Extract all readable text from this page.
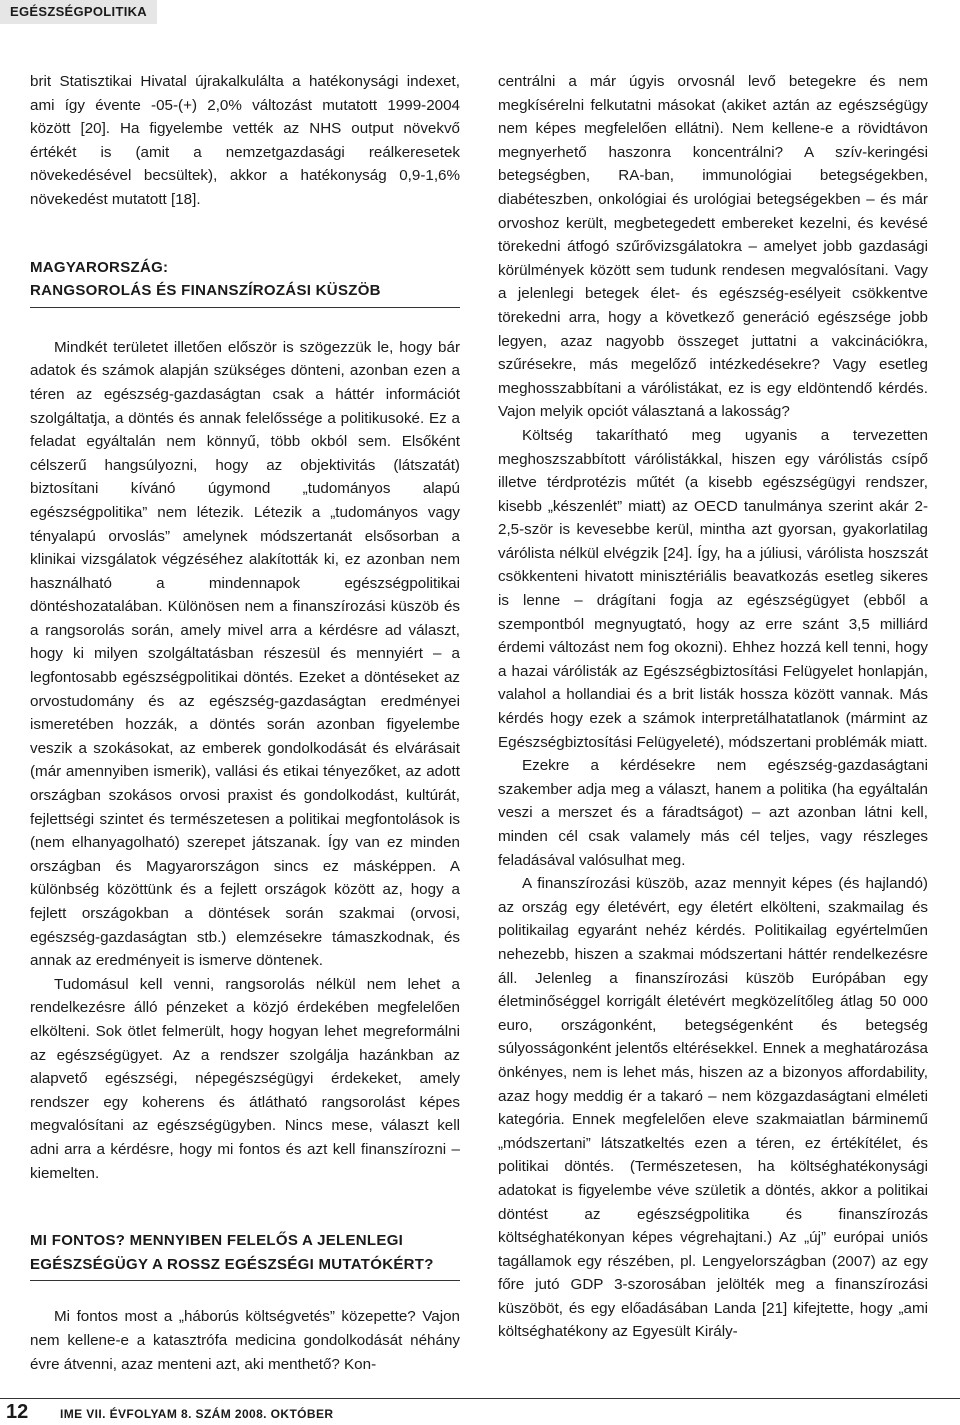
EGÉSZSÉGPOLITIKA

brit Statisztikai Hivatal újrakalkulálta a hatékonysági indexet, ami így évente -05-(+) 2,0% változást mutatott 1999-2004 között [20]. Ha figyelembe vették az NHS output növekvő értékét is (amit a nemzetgazdasági reálkeresetek növekedésével becsültek), akkor a hatékonyság 0,9-1,6% növekedést mutatott [18].

MAGYARORSZÁG:
RANGSOROLÁS ÉS FINANSZÍROZÁSI KÜSZÖB

Mindkét területet illetően először is szögezzük le, hogy bár adatok és számok alapján szükséges dönteni, azonban ezen a téren az egészség-gazdaságtan csak a háttér információt szolgáltatja, a döntés és annak felelőssége a politikusoké. Ez a feladat egyáltalán nem könnyű, több okból sem. Elsőként célszerű hangsúlyozni, hogy az objektivitás (látszatát) biztosítani kívánó úgymond „tudományos alapú egészségpolitika” nem létezik. Létezik a „tudományos vagy tényalapú orvoslás” amelynek módszertanát elsősorban a klinikai vizsgálatok végzéséhez alakították ki, ez azonban nem használható a mindennapok egészségpolitikai döntéshozatalában. Különösen nem a finanszírozási küszöb és a rangsorolás során, amely mivel arra a kérdésre ad választ, hogy ki milyen szolgáltatásban részesül és mennyiért – a legfontosabb egészségpolitikai döntés. Ezeket a döntéseket az orvostudomány és az egészség-gazdaságtan eredményei ismeretében hozzák, a döntés során azonban figyelembe veszik a szokásokat, az emberek gondolkodását és elvárásait (már amennyiben ismerik), vallási és etikai tényezőket, az adott országban szokásos orvosi praxist és gondolkodást, kultúrát, fejlettségi szintet és természetesen a politikai megfontolások is (nem elhanyagolható) szerepet játszanak. Így van ez minden országban és Magyarországon sincs ez másképpen. A különbség közöttünk és a fejlett országok között az, hogy a fejlett országokban a döntések során szakmai (orvosi, egészség-gazdaságtan stb.) elemzésekre támaszkodnak, és annak az eredményeit is ismerve döntenek.

Tudomásul kell venni, rangsorolás nélkül nem lehet a rendelkezésre álló pénzeket a közjó érdekében megfelelően elkölteni. Sok ötlet felmerült, hogy hogyan lehet megreformálni az egészségügyet. Az a rendszer szolgálja hazánkban az alapvető egészségi, népegészségügyi érdekeket, amely rendszer egy koherens és átlátható rangsorolást képes megvalósítani az egészségügyben. Nincs mese, választ kell adni arra a kérdésre, hogy mi fontos és azt kell finanszírozni – kiemelten.

MI FONTOS? MENNYIBEN FELELŐS A JELENLEGI
EGÉSZSÉGÜGY A ROSSZ EGÉSZSÉGI MUTATÓKÉRT?

Mi fontos most a „háborús költségvetés” közepette? Vajon nem kellene-e a katasztrófa medicina gondolkodását néhány évre átvenni, azaz menteni azt, aki menthető? Kon-

centrálni a már úgyis orvosnál levő betegekre és nem megkísérelni felkutatni másokat (akiket aztán az egészségügy nem képes megfelelően ellátni). Nem kellene-e a rövidtávon megnyerhető haszonra koncentrálni? A szív-keringési betegségben, RA-ban, immunológiai betegségekben, diabéteszben, onkológiai és urológiai betegségekben – és már orvoshoz került, megbetegedett embereket kezelni, és kevésé törekedni átfogó szűrővizsgálatokra – amelyet jobb gazdasági körülmények között sem tudunk rendesen megvalósítani. Vagy a jelenlegi betegek élet- és egészség-esélyeit csökkentve törekedni arra, hogy a következő generáció egészsége jobb legyen, azaz nagyobb összeget juttatni a vakcinációkra, szűrésekre, más megelőző intézkedésekre? Vagy esetleg meghosszabbítani a várólistákat, ez is egy eldöntendő kérdés. Vajon melyik opciót választaná a lakosság?

Költség takarítható meg ugyanis a tervezetten meghoszszabbított várólistákkal, hiszen egy várólistás csípő illetve térdprotézis műtét (a kisebb egészségügyi rendszer, kisebb „készenlét” miatt) az OECD tanulmánya szerint akár 2-2,5-ször is kevesebbe kerül, mintha azt gyorsan, gyakorlatilag várólista nélkül elvégzik [24]. Így, ha a júliusi, várólista hoszszát csökkenteni hivatott minisztériális beavatkozás esetleg sikeres is lenne – drágítani fogja az egészségügyet (ebből a szempontból megnyugtató, hogy az erre szánt 3,5 milliárd érdemi változást nem fog okozni). Ehhez hozzá kell tenni, hogy a hazai várólisták az Egészségbiztosítási Felügyelet honlapján, valahol a hollandiai és a brit listák hossza között vannak. Más kérdés hogy ezek a számok interpretálhatatlanok (mármint az Egészségbiztosítási Felügyeleté), módszertani problémák miatt.

Ezekre a kérdésekre nem egészség-gazdaságtani szakember adja meg a választ, hanem a politika (ha egyáltalán veszi a merszet és a fáradtságot) – azt azonban látni kell, minden cél csak valamely más cél teljes, vagy részleges feladásával valósulhat meg.

A finanszírozási küszöb, azaz mennyit képes (és hajlandó) az ország egy életévért, egy életért elkölteni, szakmailag és politikailag egyaránt nehéz kérdés. Politikailag egyértelműen nehezebb, hiszen a szakmai módszertani háttér rendelkezésre áll. Jelenleg a finanszírozási küszöb Európában egy életminőséggel korrigált életévért megközelítőleg átlag 50 000 euro, országonként, betegségenként és betegség súlyosságonként jelentős eltérésekkel. Ennek a meghatározása önkényes, nem is lehet más, hiszen az a bizonyos affordability, azaz hogy meddig ér a takaró – nem közgazdaságtani elméleti kategória. Ennek megfelelően eleve szakmaiatlan bárminemű „módszertani” látszatkeltés ezen a téren, ez értékítélet, és politikai döntés. (Természetesen, ha költséghatékonysági adatokat is figyelembe véve születik a döntés, akkor a politikai döntést az egészségpolitika és finanszírozás költséghatékonyan képes végrehajtani.) Az „új” európai uniós tagállamok egy részében, pl. Lengyelországban (2007) az egy főre jutó GDP 3-szorosában jelölték meg a finanszírozási küszöböt, és egy előadásában Landa [21] kifejtette, hogy „ami költséghatékony az Egyesült Király-

12	IME VII. ÉVFOLYAM 8. SZÁM 2008. OKTÓBER
